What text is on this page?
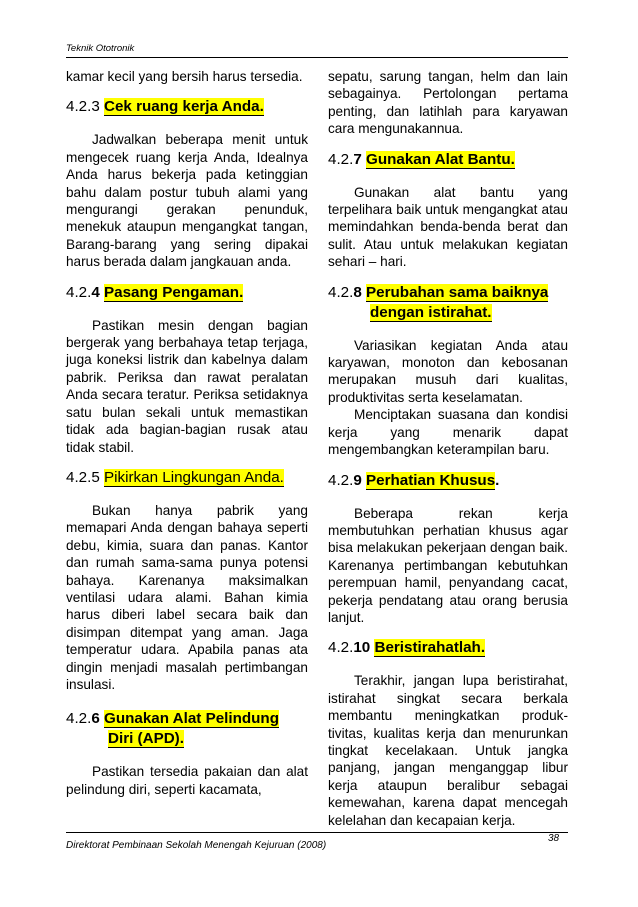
Teknik Ototronik

kamar kecil yang bersih harus tersedia.

4.2.3 Cek ruang kerja Anda.

Jadwalkan beberapa menit untuk mengecek ruang kerja Anda, Idealnya Anda harus bekerja pada ketinggian bahu dalam postur tubuh alami yang mengurangi gerakan penunduk, menekuk ataupun mengangkat tangan, Barang-barang yang sering dipakai harus berada dalam jangkauan anda.

4.2.4 Pasang Pengaman.

Pastikan mesin dengan bagian bergerak yang berbahaya tetap terjaga, juga koneksi listrik dan kabelnya dalam pabrik. Periksa dan rawat peralatan Anda secara teratur. Periksa setidaknya satu bulan sekali untuk memastikan tidak ada bagian-bagian rusak atau tidak stabil.

4.2.5 Pikirkan Lingkungan Anda.

Bukan hanya pabrik yang memapari Anda dengan bahaya seperti debu, kimia, suara dan panas. Kantor dan rumah sama-sama punya potensi bahaya. Karenanya maksimalkan ventilasi udara alami. Bahan kimia harus diberi label secara baik dan disimpan ditempat yang aman. Jaga temperatur udara. Apabila panas ata dingin menjadi masalah pertimbangan insulasi.

4.2.6 Gunakan Alat Pelindung Diri (APD).

Pastikan tersedia pakaian dan alat pelindung diri, seperti kacamata,

sepatu, sarung tangan, helm dan lain sebagainya. Pertolongan pertama penting, dan latihlah para karyawan cara mengunakannua.

4.2.7 Gunakan Alat Bantu.

Gunakan alat bantu yang terpelihara baik untuk mengangkat atau memindahkan benda-benda berat dan sulit. Atau untuk melakukan kegiatan sehari – hari.

4.2.8 Perubahan sama baiknya dengan istirahat.

Variasikan kegiatan Anda atau karyawan, monoton dan kebosanan merupakan musuh dari kualitas, produktivitas serta keselamatan.

Menciptakan suasana dan kondisi kerja yang menarik dapat mengembangkan keterampilan baru.

4.2.9 Perhatian Khusus.

Beberapa rekan kerja membutuhkan perhatian khusus agar bisa melakukan pekerjaan dengan baik. Karenanya pertimbangan kebutuhkan perempuan hamil, penyandang cacat, pekerja pendatang atau orang berusia lanjut.

4.2.10 Beristirahatlah.

Terakhir, jangan lupa beristirahat, istirahat singkat secara berkala membantu meningkatkan produk-tivitas, kualitas kerja dan menurunkan tingkat kecelakaan. Untuk jangka panjang, jangan menganggap libur kerja ataupun beralibur sebagai kemewahan, karena dapat mencegah kelelahan dan kecapaian kerja.

Direktorat Pembinaan Sekolah Menengah Kejuruan (2008)
38
